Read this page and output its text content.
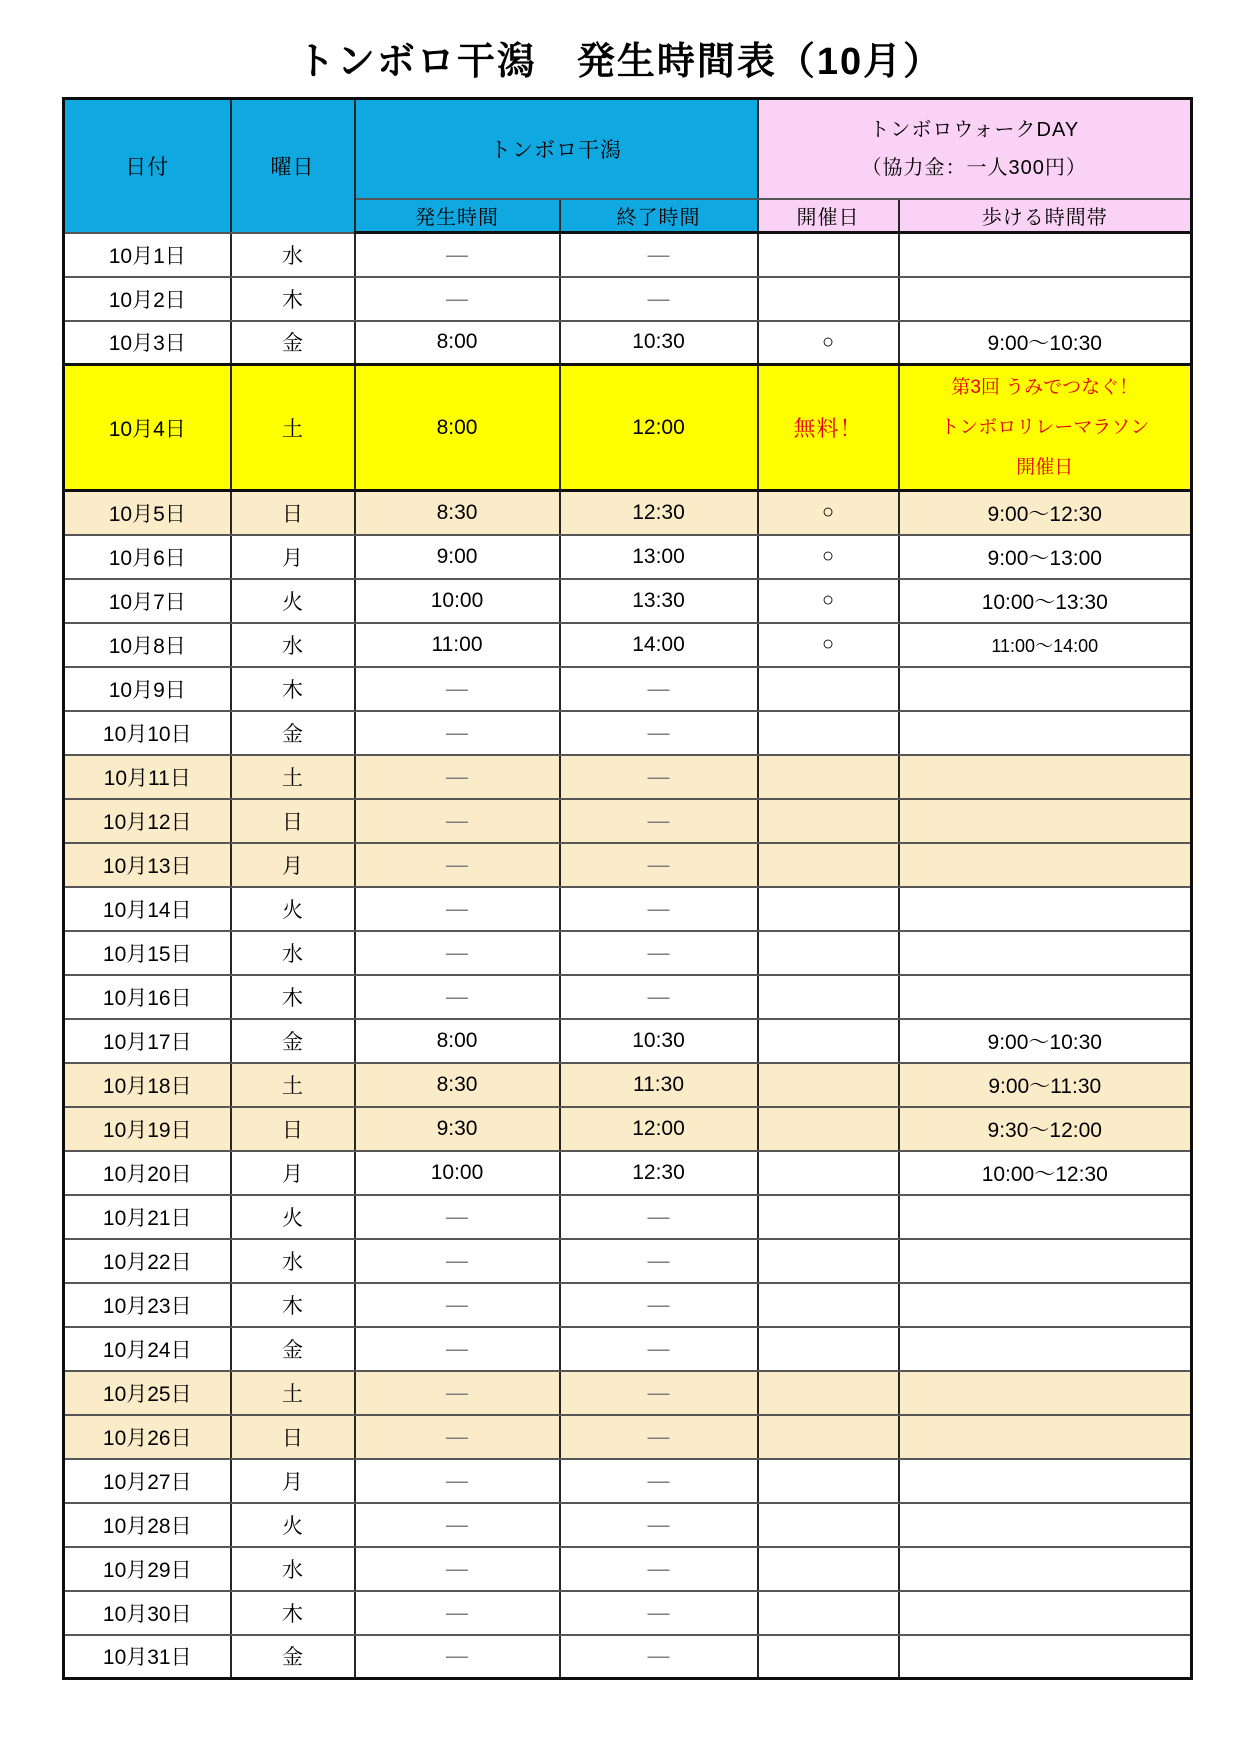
トンボロ干潟　発生時間表（10月）
日付	曜日	トンボロ干潟		トンボロウォークDAY
（協力金：一人300円）	

		発生時間	終了時間	開催日	歩ける時間帯
10月1日	水	―	―		
10月2日	木	―	―		
10月3日	金	8:00	10:30	○	9:00～10:30
10月4日	土	8:00	12:00	無料！	第3回 うみでつなぐ！
トンボロリレーマラソン
開催日

10月5日	日	8:30	12:30	○	9:00～12:30
10月6日	月	9:00	13:00	○	9:00～13:00
10月7日	火	10:00	13:30	○	10:00～13:30
10月8日	水	11:00	14:00	○	11:00～14:00
10月9日	木	―	―		
10月10日	金	―	―		
10月11日	土	―	―		
10月12日	日	―	―		
10月13日	月	―	―		
10月14日	火	―	―		
10月15日	水	―	―		
10月16日	木	―	―		
10月17日	金	8:00	10:30		9:00～10:30
10月18日	土	8:30	11:30		9:00～11:30
10月19日	日	9:30	12:00		9:30～12:00
10月20日	月	10:00	12:30		10:00～12:30
10月21日	火	―	―		
10月22日	水	―	―		
10月23日	木	―	―		
10月24日	金	―	―		
10月25日	土	―	―		
10月26日	日	―	―		
10月27日	月	―	―		
10月28日	火	―	―		
10月29日	水	―	―		
10月30日	木	―	―		
10月31日	金	―	―		
